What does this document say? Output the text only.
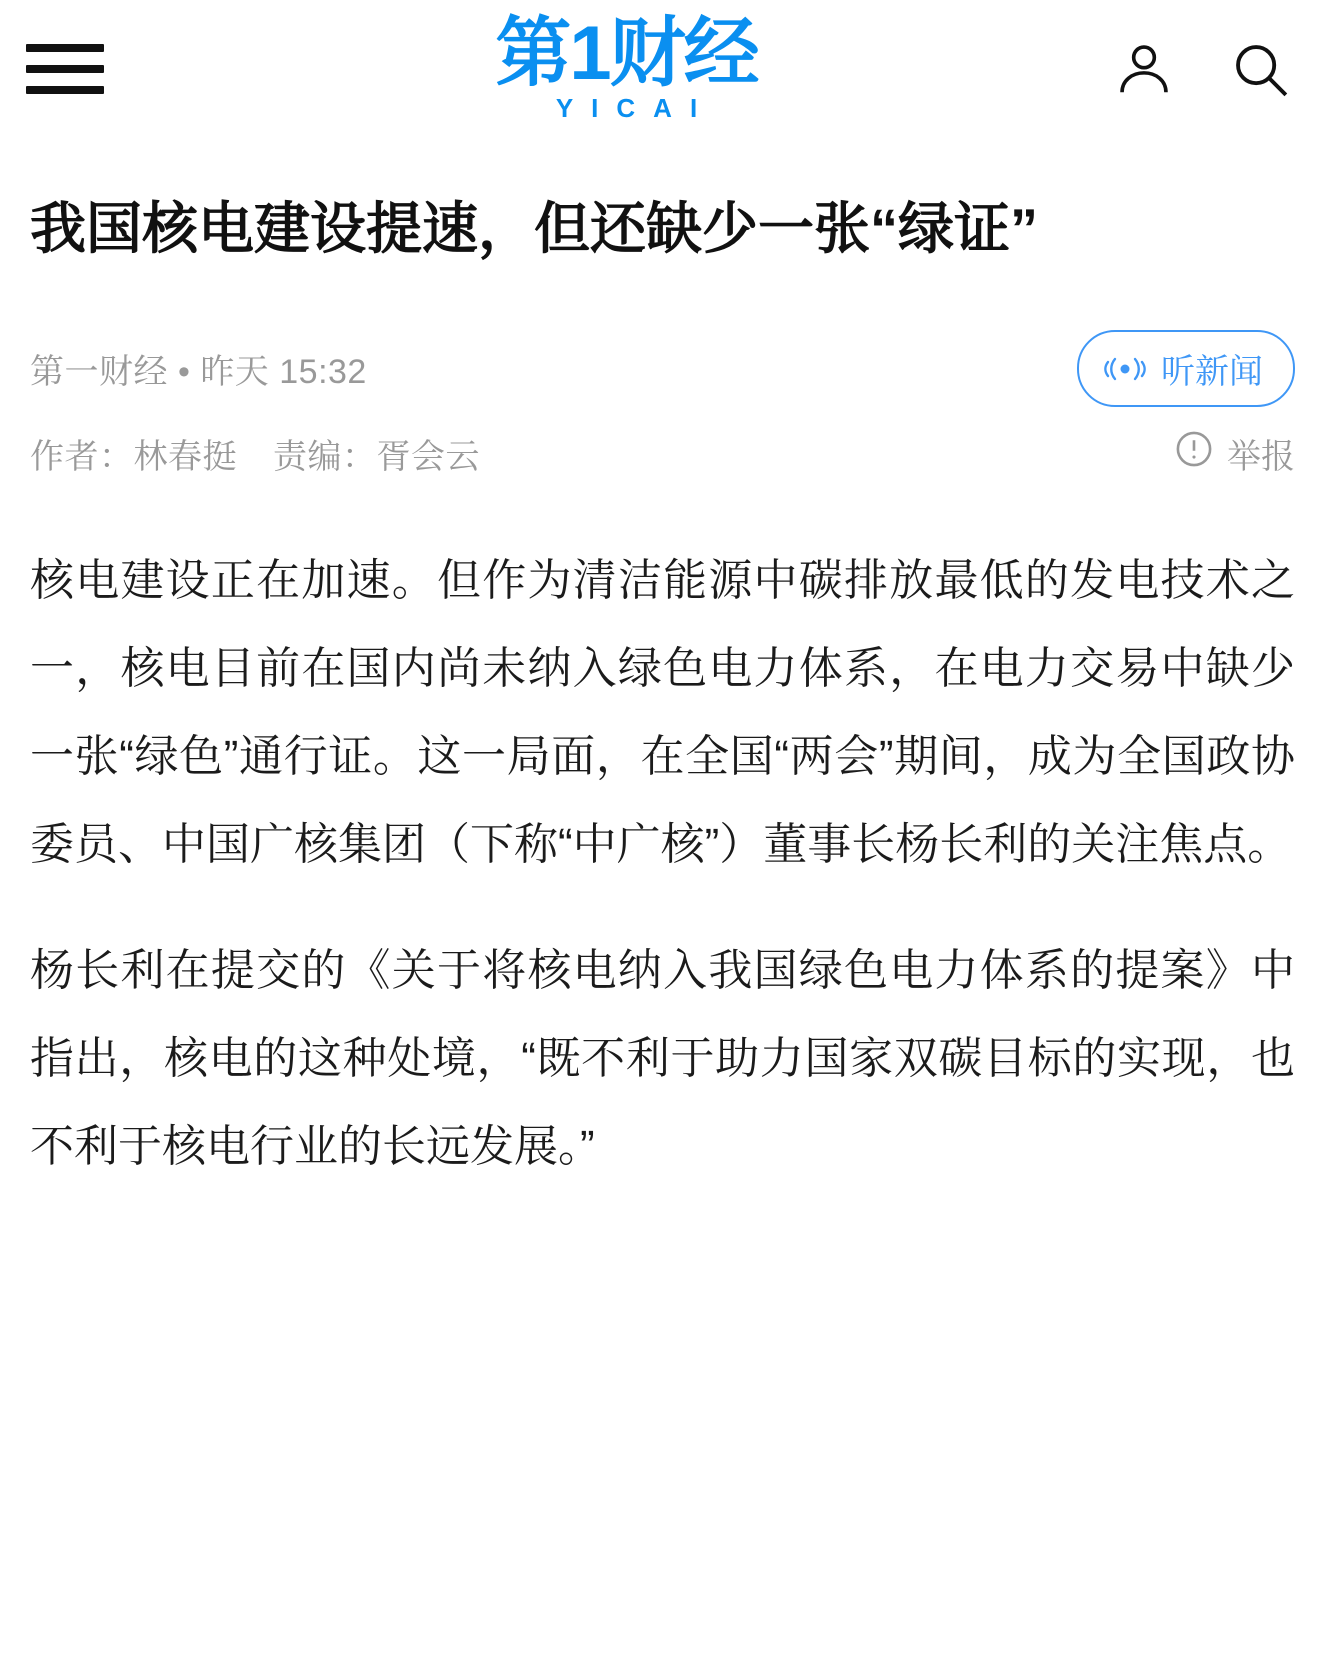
第1财经
YICAI
我国核电建设提速，但还缺少一张“绿证”
第一财经 • 昨天 15:32	听新闻
作者：林春挺 责编：胥会云	举报

核电建设正在加速。但作为清洁能源中碳排放最低的发电技术之一，核电目前在国内尚未纳入绿色电力体系，在电力交易中缺少一张“绿色”通行证。这一局面，在全国“两会”期间，成为全国政协委员、中国广核集团（下称“中广核”）董事长杨长利的关注焦点。

杨长利在提交的《关于将核电纳入我国绿色电力体系的提案》中指出，核电的这种处境，“既不利于助力国家双碳目标的实现，也不利于核电行业的长远发展。”
